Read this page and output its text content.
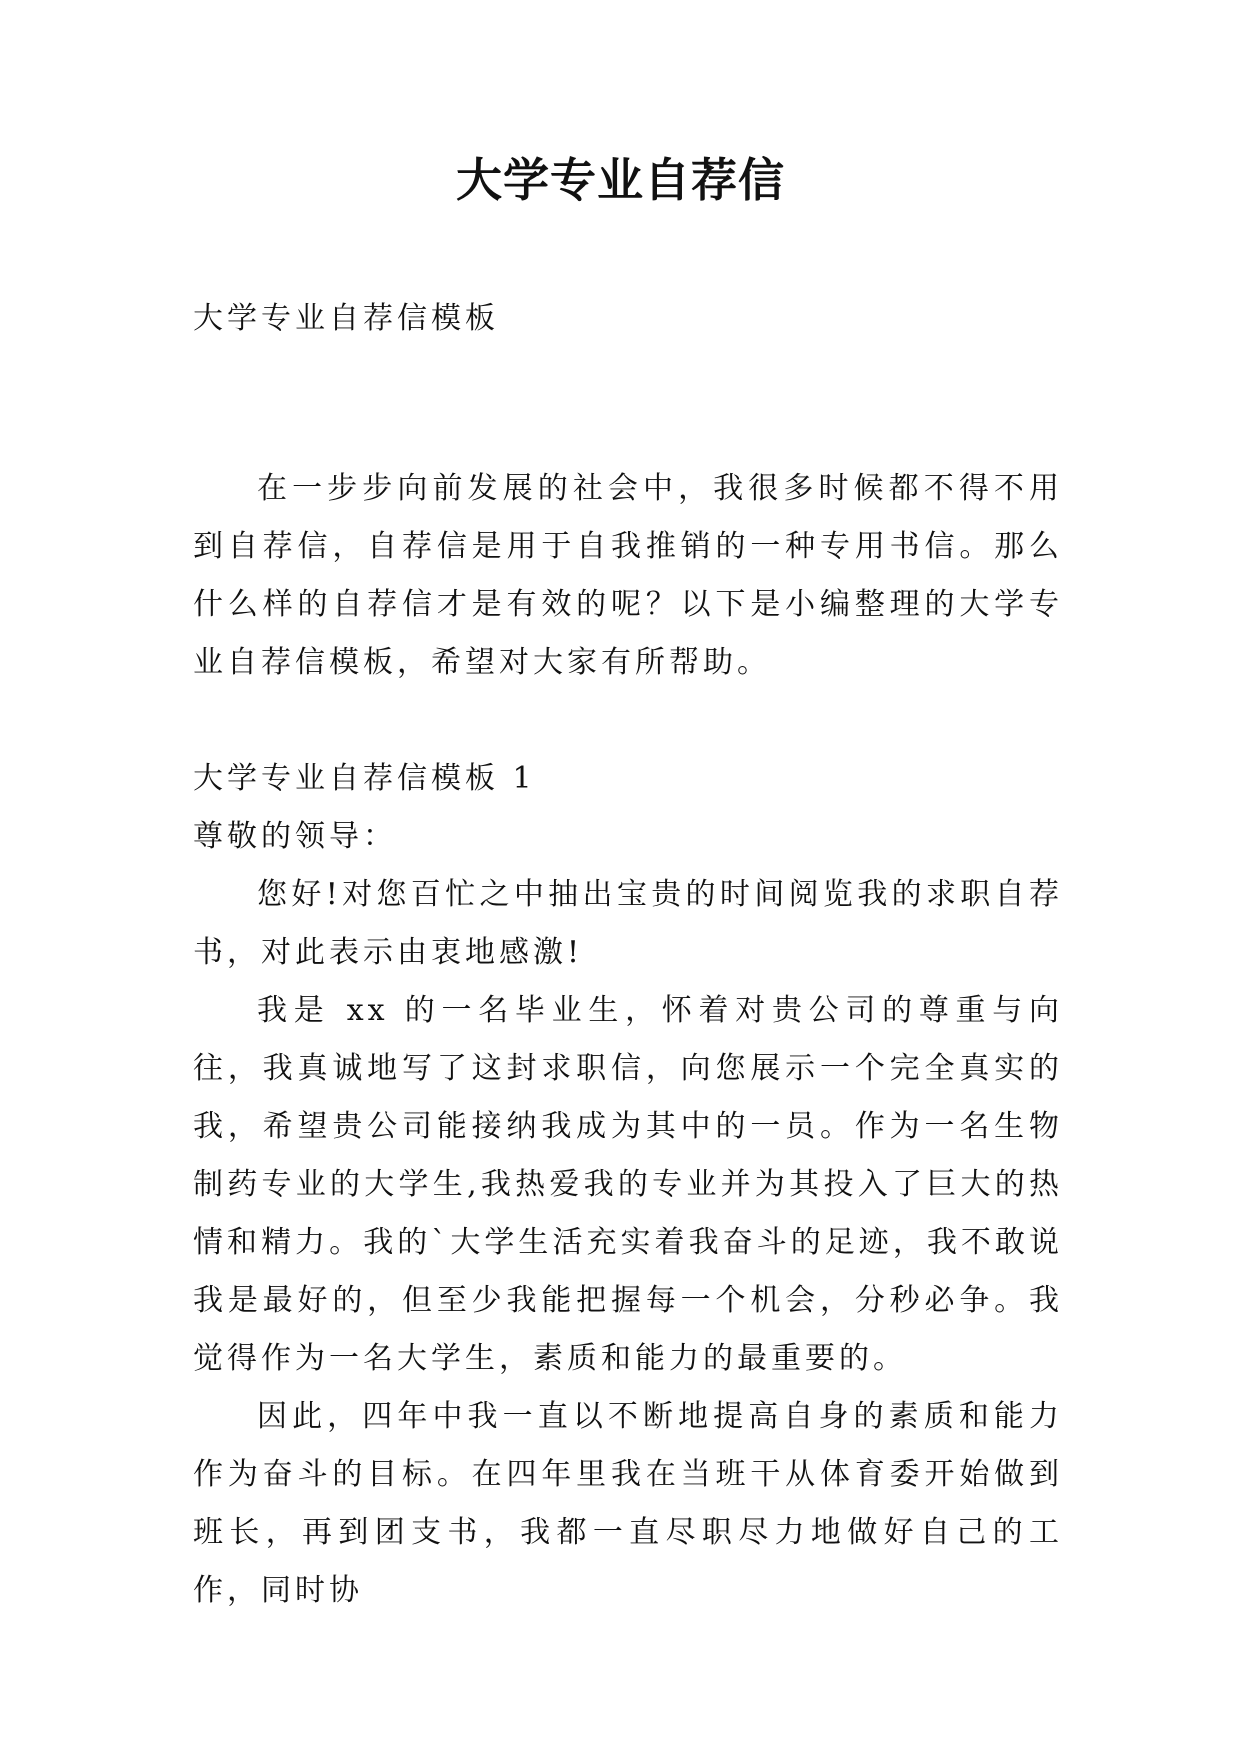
大学专业自荐信

大学专业自荐信模板

在一步步向前发展的社会中，我很多时候都不得不用到自荐信，自荐信是用于自我推销的一种专用书信。那么什么样的自荐信才是有效的呢？以下是小编整理的大学专业自荐信模板，希望对大家有所帮助。

大学专业自荐信模板 1

尊敬的领导：

您好!对您百忙之中抽出宝贵的时间阅览我的求职自荐书，对此表示由衷地感激!

我是 xx 的一名毕业生，怀着对贵公司的尊重与向往，我真诚地写了这封求职信，向您展示一个完全真实的我，希望贵公司能接纳我成为其中的一员。作为一名生物制药专业的大学生,我热爱我的专业并为其投入了巨大的热情和精力。我的`大学生活充实着我奋斗的足迹，我不敢说我是最好的，但至少我能把握每一个机会，分秒必争。我觉得作为一名大学生，素质和能力的最重要的。

因此，四年中我一直以不断地提高自身的素质和能力作为奋斗的目标。在四年里我在当班干从体育委开始做到班长，再到团支书，我都一直尽职尽力地做好自己的工作，同时协
